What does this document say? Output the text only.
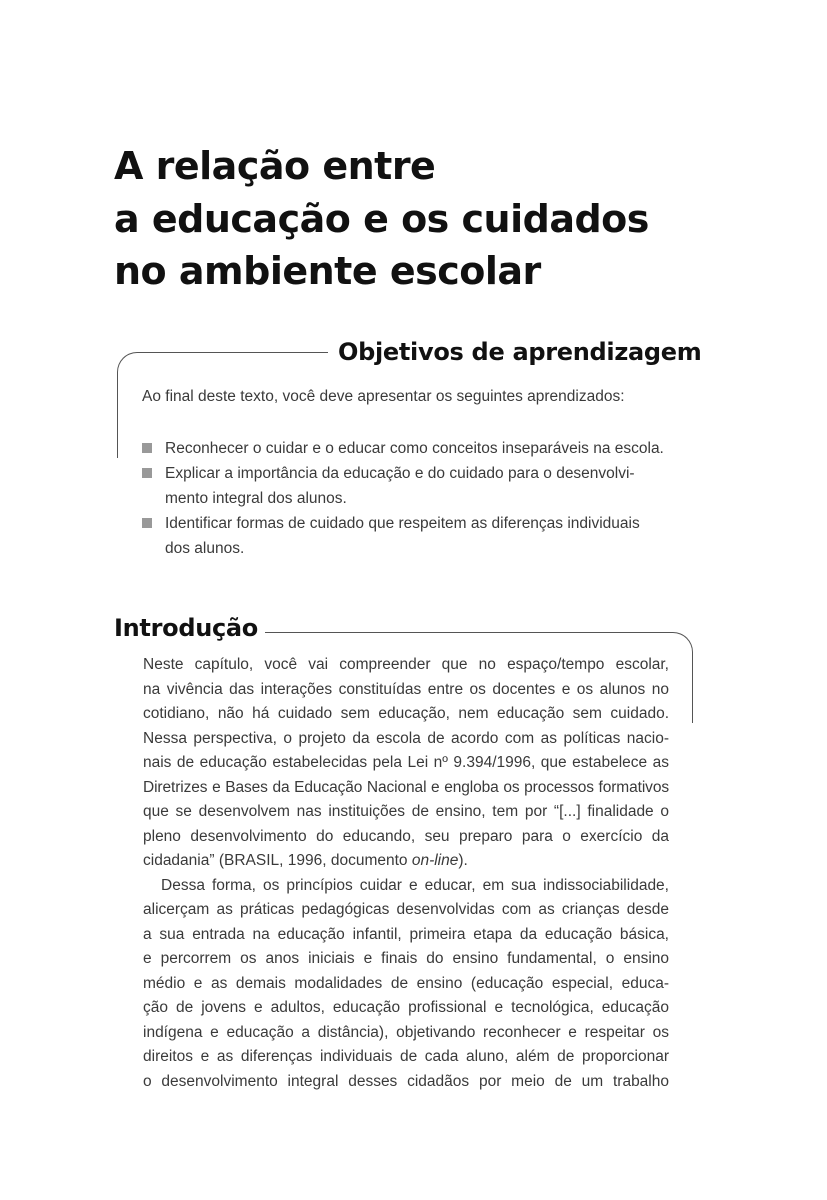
A relação entre
a educação e os cuidados
no ambiente escolar
Objetivos de aprendizagem
Ao final deste texto, você deve apresentar os seguintes aprendizados:
Reconhecer o cuidar e o educar como conceitos inseparáveis na escola.
Explicar a importância da educação e do cuidado para o desenvolvi-
mento integral dos alunos.
Identificar formas de cuidado que respeitem as diferenças individuais
dos alunos.
Introdução
Neste capítulo, você vai compreender que no espaço/tempo escolar,
na vivência das interações constituídas entre os docentes e os alunos no
cotidiano, não há cuidado sem educação, nem educação sem cuidado.
Nessa perspectiva, o projeto da escola de acordo com as políticas nacio-
nais de educação estabelecidas pela Lei nº 9.394/1996, que estabelece as
Diretrizes e Bases da Educação Nacional e engloba os processos formativos
que se desenvolvem nas instituições de ensino, tem por “[...] finalidade o
pleno desenvolvimento do educando, seu preparo para o exercício da
cidadania” (BRASIL, 1996, documento on-line).
Dessa forma, os princípios cuidar e educar, em sua indissociabilidade,
alicerçam as práticas pedagógicas desenvolvidas com as crianças desde
a sua entrada na educação infantil, primeira etapa da educação básica,
e percorrem os anos iniciais e finais do ensino fundamental, o ensino
médio e as demais modalidades de ensino (educação especial, educa-
ção de jovens e adultos, educação profissional e tecnológica, educação
indígena e educação a distância), objetivando reconhecer e respeitar os
direitos e as diferenças individuais de cada aluno, além de proporcionar
o desenvolvimento integral desses cidadãos por meio de um trabalho
